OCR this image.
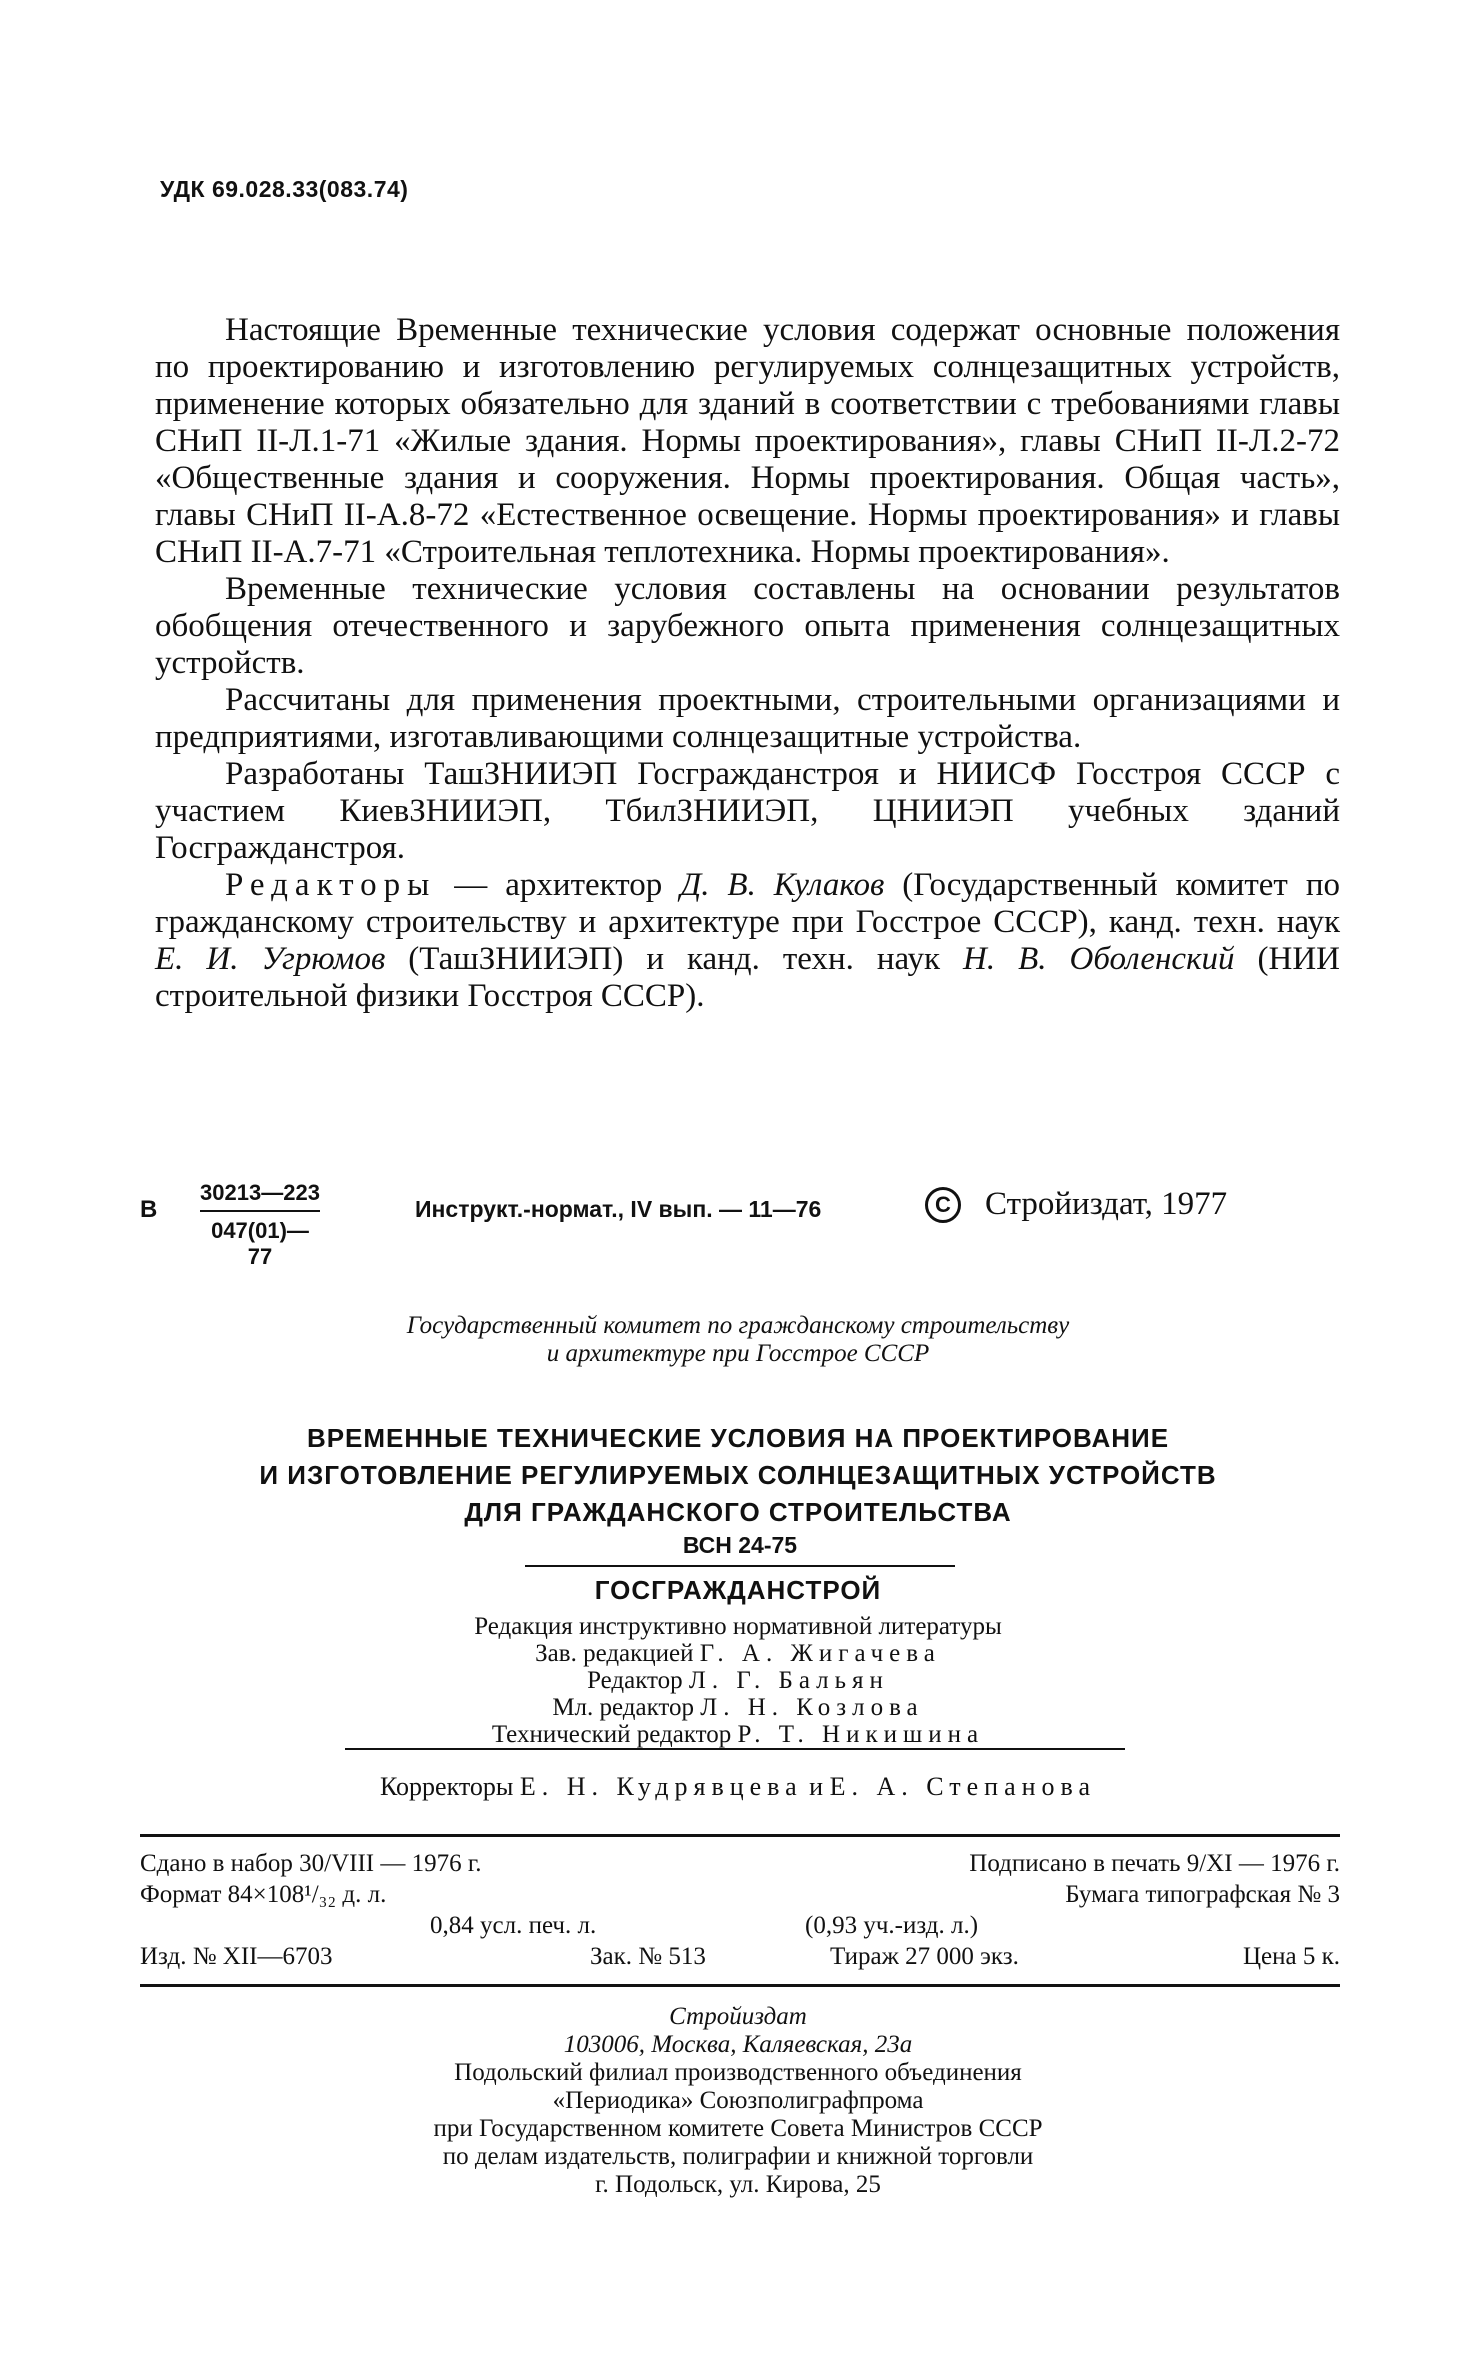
УДК 69.028.33(083.74)

Настоящие Временные технические условия содержат основные положения по проектированию и изготовлению регулируемых солнцезащитных устройств, применение которых обязательно для зданий в соответствии с требованиями главы СНиП II-Л.1-71 «Жилые здания. Нормы проектирования», главы СНиП II-Л.2-72 «Общественные здания и сооружения. Нормы проектирования. Общая часть», главы СНиП II-А.8-72 «Естественное освещение. Нормы проектирования» и главы СНиП II-А.7-71 «Строительная теплотехника. Нормы проектирования».

Временные технические условия составлены на основании результатов обобщения отечественного и зарубежного опыта применения солнцезащитных устройств.

Рассчитаны для применения проектными, строительными организациями и предприятиями, изготавливающими солнцезащитные устройства.

Разработаны ТашЗНИИЭП Госгражданстроя и НИИСФ Госстроя СССР с участием КиевЗНИИЭП, ТбилЗНИИЭП, ЦНИИЭП учебных зданий Госгражданстроя.

Редакторы — архитектор Д. В. Кулаков (Государственный комитет по гражданскому строительству и архитектуре при Госстрое СССР), канд. техн. наук Е. И. Угрюмов (ТашЗНИИЭП) и канд. техн. наук Н. В. Оболенский (НИИ строительной физики Госстроя СССР).

В $\frac{30213—223}{047(01)—77}$	Инструкт.-нормат., IV вып. — 11—76	C Стройиздат, 1977
Государственный комитет по гражданскому строительству
и архитектуре при Госстрое СССР
ВРЕМЕННЫЕ ТЕХНИЧЕСКИЕ УСЛОВИЯ НА ПРОЕКТИРОВАНИЕ
И ИЗГОТОВЛЕНИЕ РЕГУЛИРУЕМЫХ СОЛНЦЕЗАЩИТНЫХ УСТРОЙСТВ
ДЛЯ ГРАЖДАНСКОГО СТРОИТЕЛЬСТВА
ВСН 24-75
ГОСГРАЖДАНСТРОЙ
Редакция инструктивно нормативной литературы
Зав. редакцией Г. А. Жигачева
Редактор Л. Г. Бальян
Мл. редактор Л. Н. Козлова
Технический редактор Р. Т. Никишина
Корректоры Е. Н. Кудрявцева и Е. А. Степанова
Сдано в набор 30/VIII — 1976 г.	Подписано в печать 9/XI — 1976 г.
Формат 84×108¹/₃₂ д. л.	Бумага типографская № 3
0,84 усл. печ. л.	(0,93 уч.-изд. л.)
Изд. № XII—6703	Зак. № 513	Тираж 27 000 экз.	Цена 5 к.
Стройиздат
103006, Москва, Каляевская, 23а
Подольский филиал производственного объединения
«Периодика» Союзполиграфпрома
при Государственном комитете Совета Министров СССР
по делам издательств, полиграфии и книжной торговли
г. Подольск, ул. Кирова, 25
